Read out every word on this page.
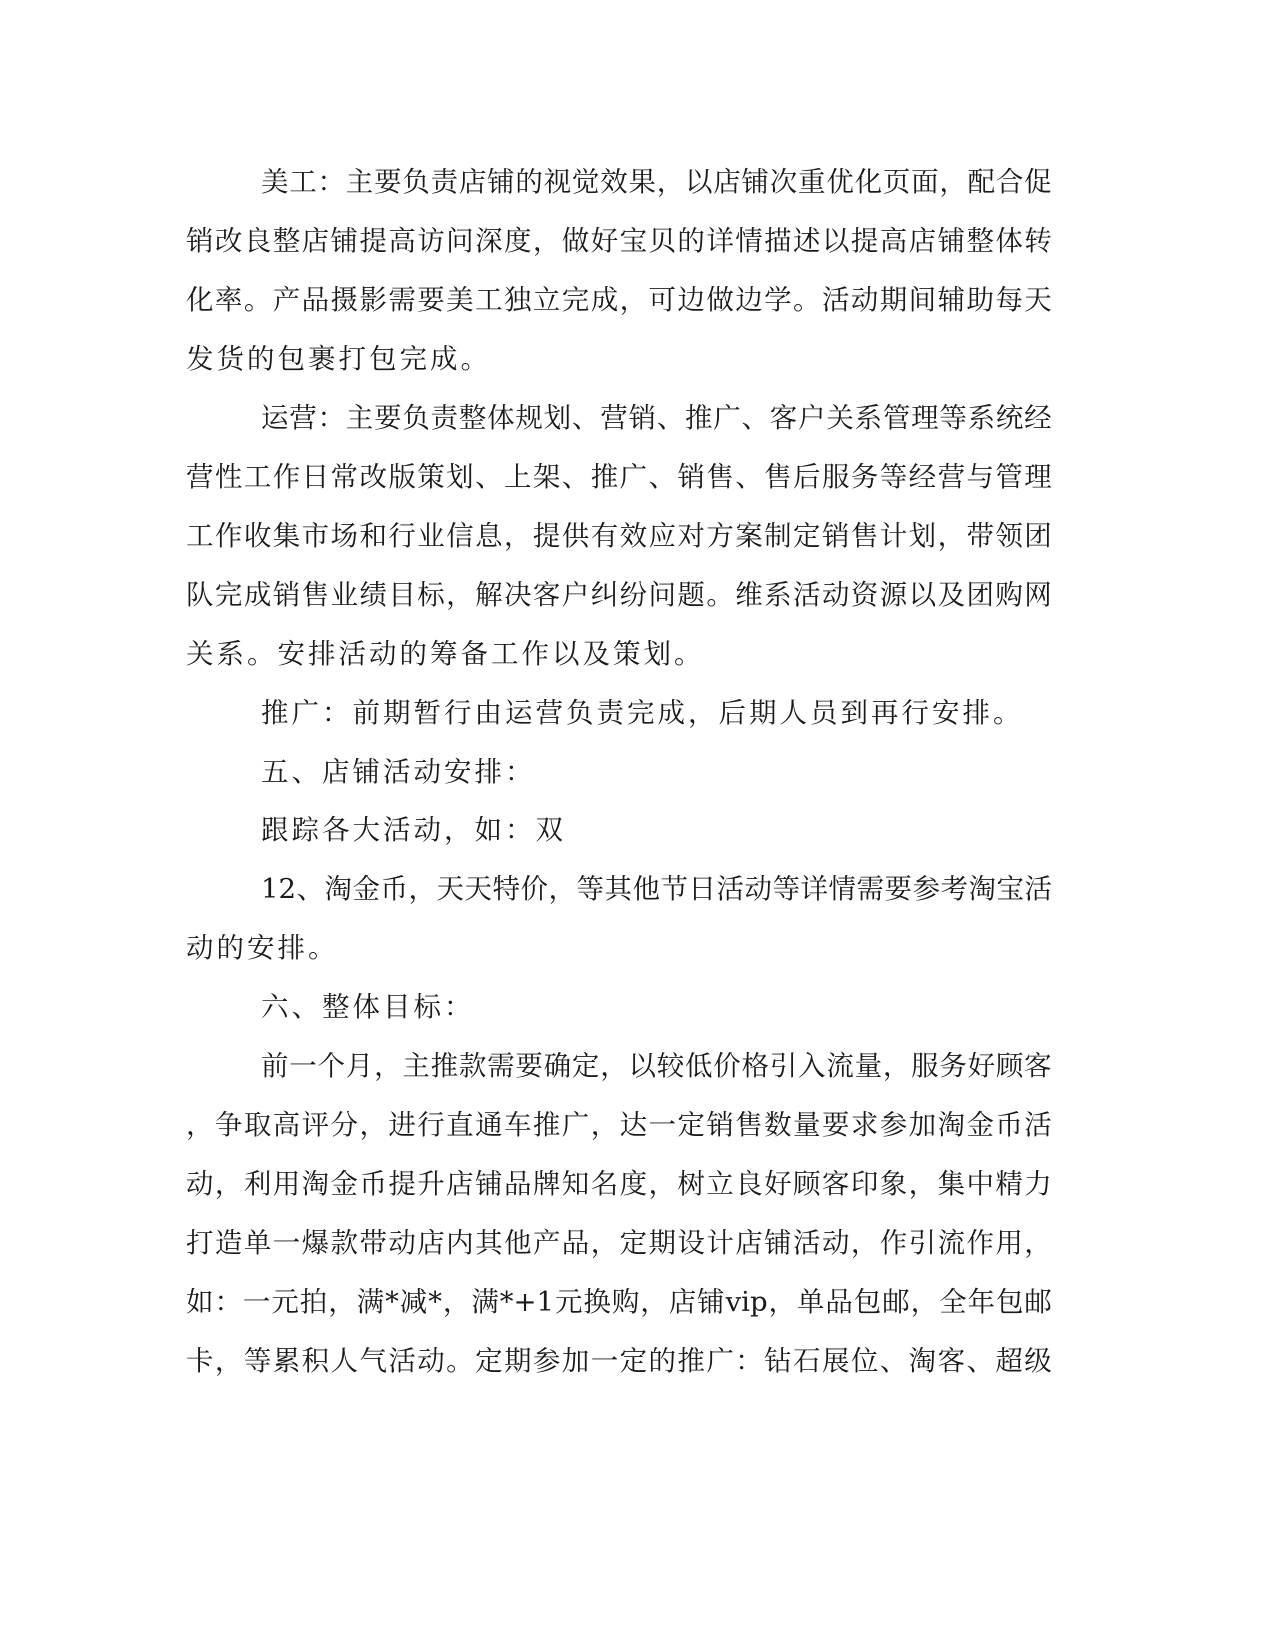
美 工 ： 主 要 负 责 店 铺 的 视 觉 效 果 ， 以 店 铺 次 重 优 化 页 面 ， 配 合 促
销 改 良 整 店 铺 提 高 访 问 深 度 ， 做 好 宝 贝 的 详 情 描 述 以 提 高 店 铺 整 体 转
化 率 。 产 品 摄 影 需 要 美 工 独 立 完 成 ， 可 边 做 边 学 。 活 动 期 间 辅 助 每 天
发货的包裹打包完成。
运 营 ： 主 要 负 责 整 体 规 划 、 营 销 、 推 广 、 客 户 关 系 管 理 等 系 统 经
营 性 工 作 日 常 改 版 策 划 、 上 架 、 推 广 、 销 售 、 售 后 服 务 等 经 营 与 管 理
工 作 收 集 市 场 和 行 业 信 息 ， 提 供 有 效 应 对 方 案 制 定 销 售 计 划 ， 带 领 团
队 完 成 销 售 业 绩 目 标 ， 解 决 客 户 纠 纷 问 题 。 维 系 活 动 资 源 以 及 团 购 网
关系。安排活动的筹备工作以及策划。
推广：前期暂行由运营负责完成，后期人员到再行安排。
五、店铺活动安排：
跟踪各大活动，如：双
12 、 淘 金 币 ， 天 天 特 价 ， 等 其 他 节 日 活 动 等 详 情 需 要 参 考 淘 宝 活
动的安排。
六、整体目标：
前 一 个 月 ， 主 推 款 需 要 确 定 ， 以 较 低 价 格 引 入 流 量 ， 服 务 好 顾 客
， 争 取 高 评 分 ， 进 行 直 通 车 推 广 ， 达 一 定 销 售 数 量 要 求 参 加 淘 金 币 活
动 ， 利 用 淘 金 币 提 升 店 铺 品 牌 知 名 度 ， 树 立 良 好 顾 客 印 象 ， 集 中 精 力
打 造 单 一 爆 款 带 动 店 内 其 他 产 品 ， 定 期 设 计 店 铺 活 动 ， 作 引 流 作 用 ，
如 ： 一 元 拍 ， 满 * 减 * ， 满 *+1 元 换 购 ， 店 铺 vip ， 单 品 包 邮 ， 全 年 包 邮
卡 ， 等 累 积 人 气 活 动 。 定 期 参 加 一 定 的 推 广 ： 钻 石 展 位 、 淘 客 、 超 级
